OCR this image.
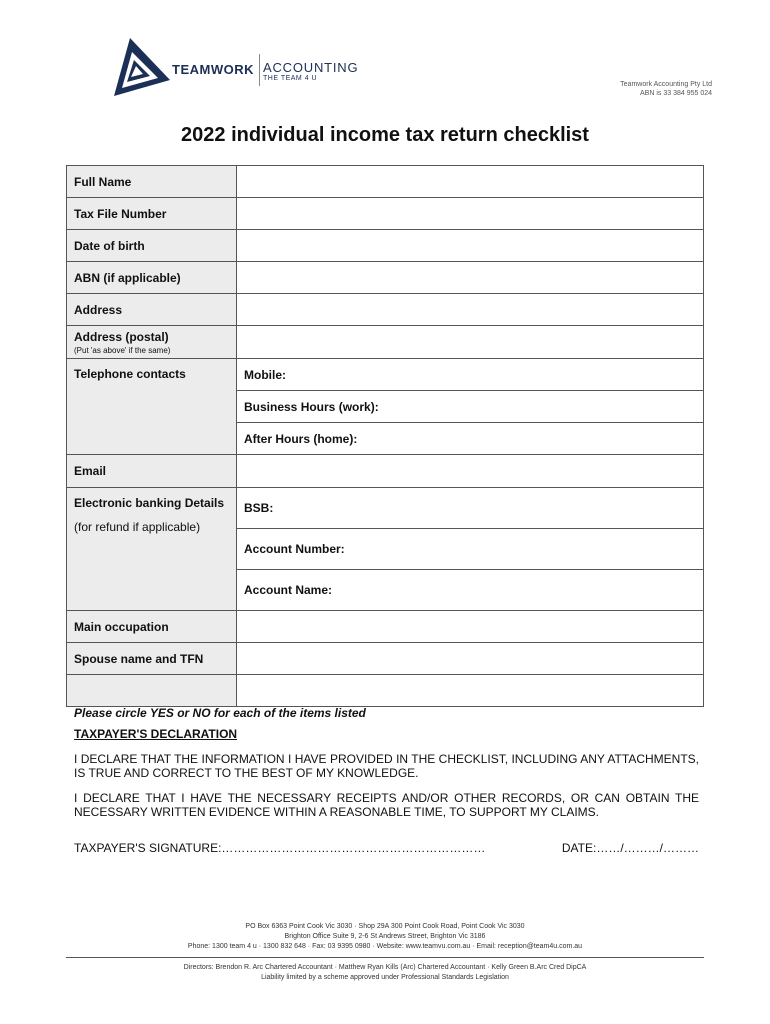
TEAMWORK ACCOUNTING
THE TEAM 4 U
Teamwork Accounting Pty Ltd
ABN is 33 384 955 024
2022 individual income tax return checklist
Full Name	
Tax File Number	
Date of birth	
ABN (if applicable)	
Address	
Address (postal)
(Put 'as above' if the same)	

Telephone contacts	Mobile:
	Business Hours (work):
	After Hours (home):
Email	

Electronic banking Details
(for refund if applicable)	BSB:
	Account Number:
	Account Name:
Main occupation	
Spouse name and TFN	

Please circle YES or NO for each of the items listed
TAXPAYER'S DECLARATION
I DECLARE THAT THE INFORMATION I HAVE PROVIDED IN THE CHECKLIST, INCLUDING ANY ATTACHMENTS, IS TRUE AND CORRECT TO THE BEST OF MY KNOWLEDGE.
I DECLARE THAT I HAVE THE NECESSARY RECEIPTS AND/OR OTHER RECORDS, OR CAN OBTAIN THE NECESSARY WRITTEN EVIDENCE WITHIN A REASONABLE TIME, TO SUPPORT MY CLAIMS.
TAXPAYER'S SIGNATURE:…………………………………………………………	DATE:……/………/………
PO Box 6363 Point Cook Vic 3030 · Shop 29A 300 Point Cook Road, Point Cook Vic 3030
Brighton Office Suite 9, 2-6 St Andrews Street, Brighton Vic 3186
Phone: 1300 team 4 u · 1300 832 648 · Fax: 03 9395 0980 · Website: www.teamvu.com.au · Email: reception@team4u.com.au
Directors: Brendon R. Arc Chartered Accountant · Matthew Ryan Kills (Arc) Chartered Accountant · Kelly Green B.Arc Cred DipCA
Liability limited by a scheme approved under Professional Standards Legislation
